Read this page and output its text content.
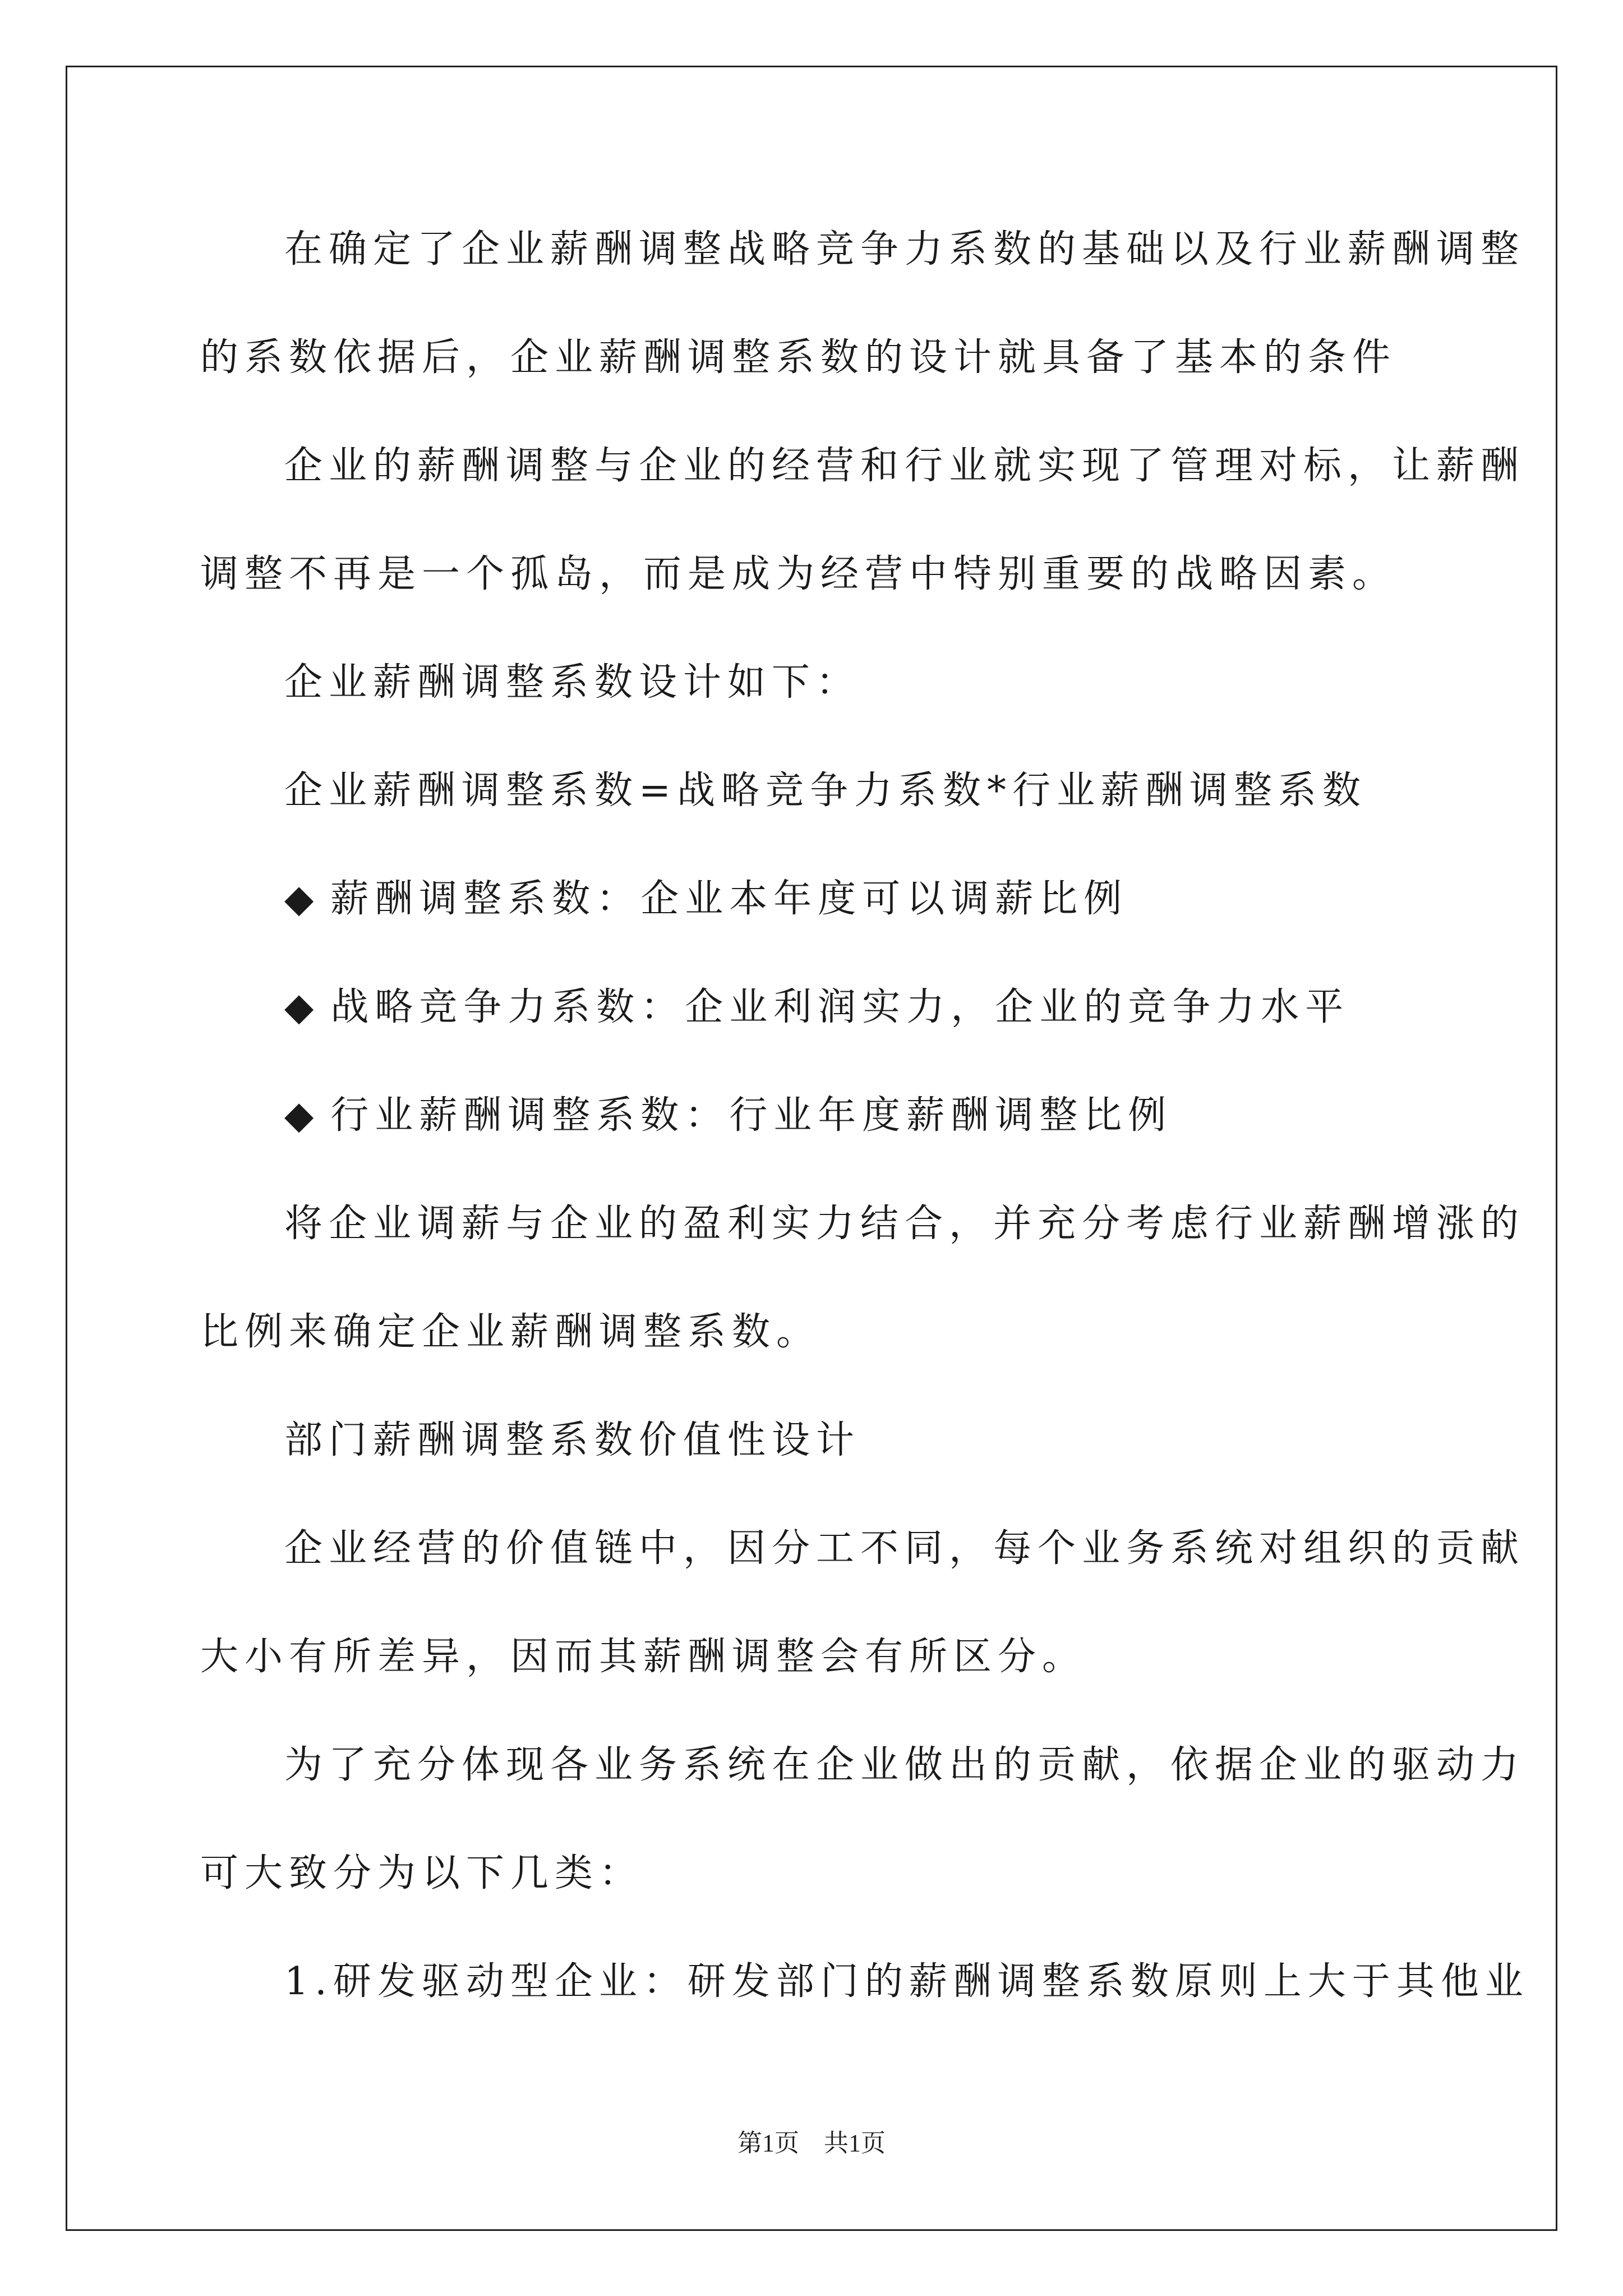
在确定了企业薪酬调整战略竞争力系数的基础以及行业薪酬调整
的系数依据后，企业薪酬调整系数的设计就具备了基本的条件
企业的薪酬调整与企业的经营和行业就实现了管理对标，让薪酬
调整不再是一个孤岛，而是成为经营中特别重要的战略因素。
企业薪酬调整系数设计如下：
企业薪酬调整系数=战略竞争力系数*行业薪酬调整系数
◆ 薪酬调整系数：企业本年度可以调薪比例
◆ 战略竞争力系数：企业利润实力，企业的竞争力水平
◆ 行业薪酬调整系数：行业年度薪酬调整比例
将企业调薪与企业的盈利实力结合，并充分考虑行业薪酬增涨的
比例来确定企业薪酬调整系数。
部门薪酬调整系数价值性设计
企业经营的价值链中，因分工不同，每个业务系统对组织的贡献
大小有所差异，因而其薪酬调整会有所区分。
为了充分体现各业务系统在企业做出的贡献，依据企业的驱动力
可大致分为以下几类：
1.研发驱动型企业：研发部门的薪酬调整系数原则上大于其他业
第1页　共1页
